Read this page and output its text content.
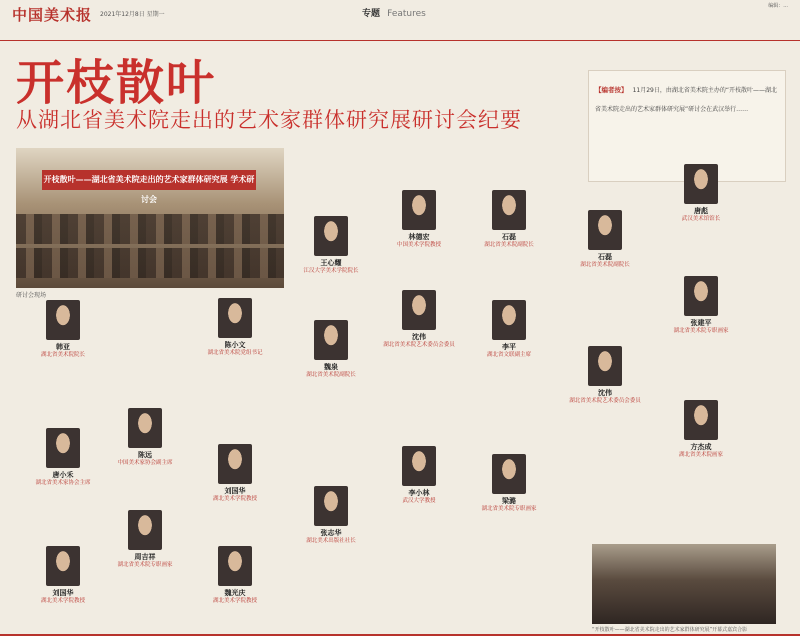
中国美术报 2021年12月8日 星期一	专题 Features
编辑：...
开枝散叶
从湖北省美术院走出的艺术家群体研究展研讨会纪要
【编者按】 11月29日，由湖北省美术院主办的“开枝散叶——湖北省美术院走出的艺术家群体研究展”研讨会在武汉举行……
开枝散叶——湖北省美术院走出的艺术家群体研究展 学术研讨会
研讨会现场
韩亚
湖北省美术院院长
唐小禾
湖北省美术家协会主席
刘国华
湖北美术学院教授
陈远
中国美术家协会副主席
周吉祥
湖北省美术院专职画家
陈小文
湖北省美术院党组书记
刘国华
湖北美术学院教授
魏光庆
湖北美术学院教授
王心耀
江汉大学美术学院院长
魏泉
湖北省美术院副院长
张志华
湖北美术出版社社长
林德宏
中国美术学院教授
沈伟
湖北省美术院艺术委员会委员
李小林
武汉大学教授
石磊
湖北省美术院副院长
李平
湖北省文联副主席
梁潞
湖北省美术院专职画家
唐彪
武汉美术馆馆长
石磊
湖北省美术院副院长
张建平
湖北省美术院专职画家
沈伟
湖北省美术院艺术委员会委员
方杰成
湖北省美术院画家
“开枝散叶——湖北省美术院走出的艺术家群体研究展”开幕式嘉宾合影
